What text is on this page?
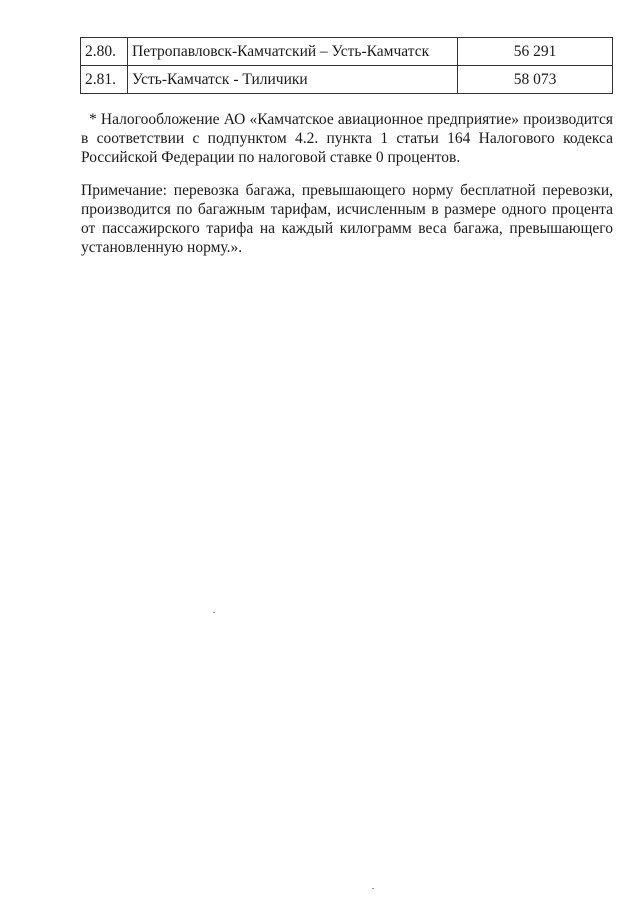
2.80.	Петропавловск-Камчатский – Усть-Камчатск	56 291
2.81.	Усть-Камчатск - Тиличики	58 073

* Налогообложение АО «Камчатское авиационное предприятие» производится в соответствии с подпунктом 4.2. пункта 1 статьи 164 Налогового кодекса Российской Федерации по налоговой ставке 0 процентов.

Примечание: перевозка багажа, превышающего норму бесплатной перевозки, производится по багажным тарифам, исчисленным в размере одного процента от пассажирского тарифа на каждый килограмм веса багажа, превышающего установленную норму.».
